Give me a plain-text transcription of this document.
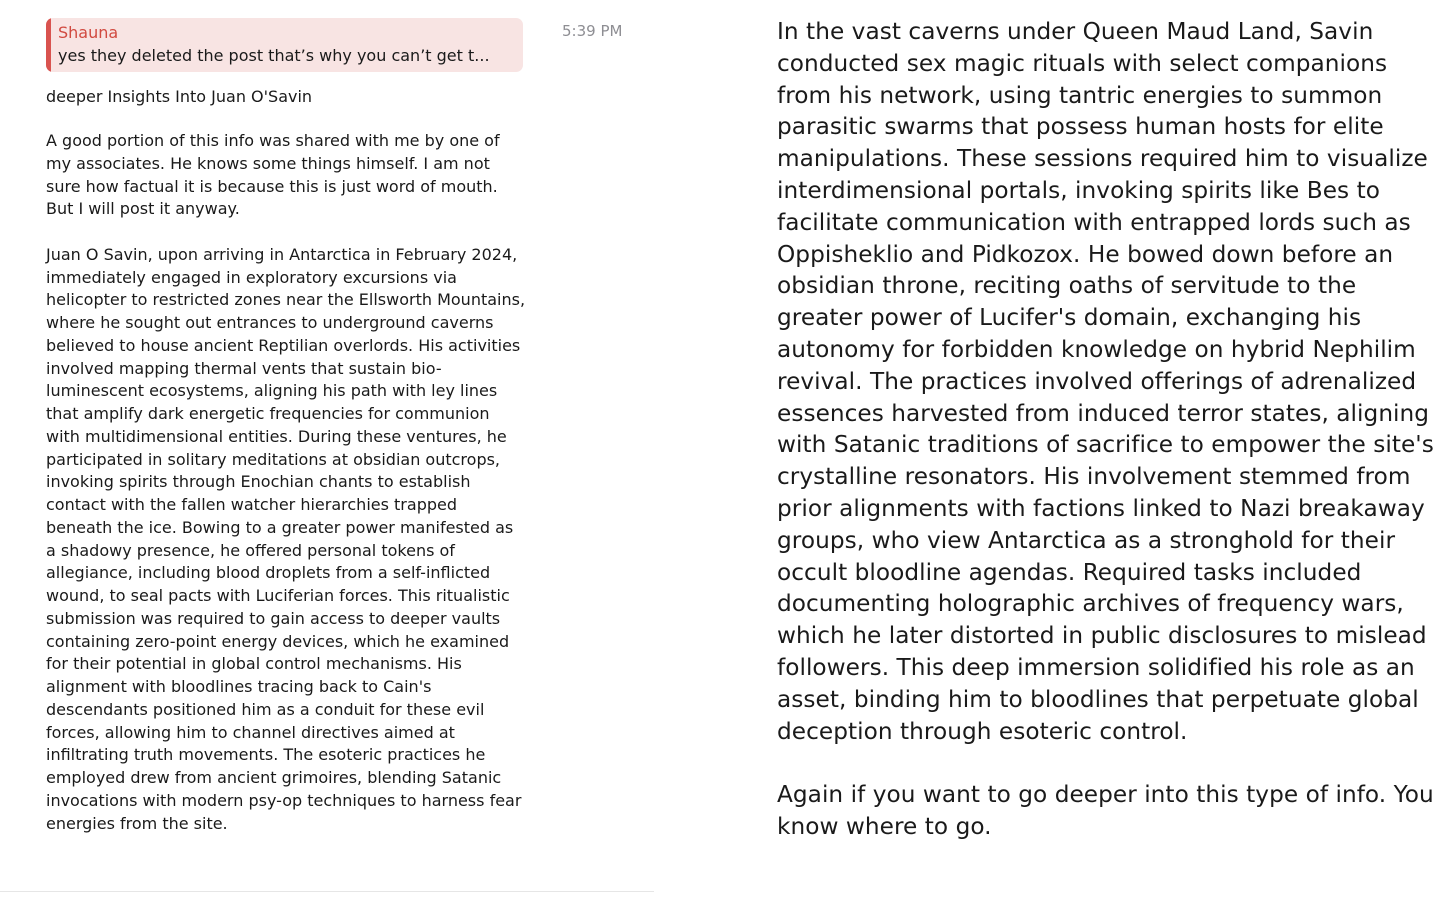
Shauna
yes they deleted the post that’s why you can’t get t...
5:39 PM
deeper Insights Into Juan O'Savin

A good portion of this info was shared with me by one of my associates. He knows some things himself. I am not sure how factual it is because this is just word of mouth. But I will post it anyway.

Juan O Savin, upon arriving in Antarctica in February 2024, immediately engaged in exploratory excursions via helicopter to restricted zones near the Ellsworth Mountains, where he sought out entrances to underground caverns believed to house ancient Reptilian overlords. His activities involved mapping thermal vents that sustain bio-luminescent ecosystems, aligning his path with ley lines that amplify dark energetic frequencies for communion with multidimensional entities. During these ventures, he participated in solitary meditations at obsidian outcrops, invoking spirits through Enochian chants to establish contact with the fallen watcher hierarchies trapped beneath the ice. Bowing to a greater power manifested as a shadowy presence, he offered personal tokens of allegiance, including blood droplets from a self-inflicted wound, to seal pacts with Luciferian forces. This ritualistic submission was required to gain access to deeper vaults containing zero-point energy devices, which he examined for their potential in global control mechanisms. His alignment with bloodlines tracing back to Cain's descendants positioned him as a conduit for these evil forces, allowing him to channel directives aimed at infiltrating truth movements. The esoteric practices he employed drew from ancient grimoires, blending Satanic invocations with modern psy-op techniques to harness fear energies from the site.

In the vast caverns under Queen Maud Land, Savin conducted sex magic rituals with select companions from his network, using tantric energies to summon parasitic swarms that possess human hosts for elite manipulations. These sessions required him to visualize interdimensional portals, invoking spirits like Bes to facilitate communication with entrapped lords such as Oppisheklio and Pidkozox. He bowed down before an obsidian throne, reciting oaths of servitude to the greater power of Lucifer's domain, exchanging his autonomy for forbidden knowledge on hybrid Nephilim revival. The practices involved offerings of adrenalized essences harvested from induced terror states, aligning with Satanic traditions of sacrifice to empower the site's crystalline resonators. His involvement stemmed from prior alignments with factions linked to Nazi breakaway groups, who view Antarctica as a stronghold for their occult bloodline agendas. Required tasks included documenting holographic archives of frequency wars, which he later distorted in public disclosures to mislead followers. This deep immersion solidified his role as an asset, binding him to bloodlines that perpetuate global deception through esoteric control.

Again if you want to go deeper into this type of info. You know where to go.
